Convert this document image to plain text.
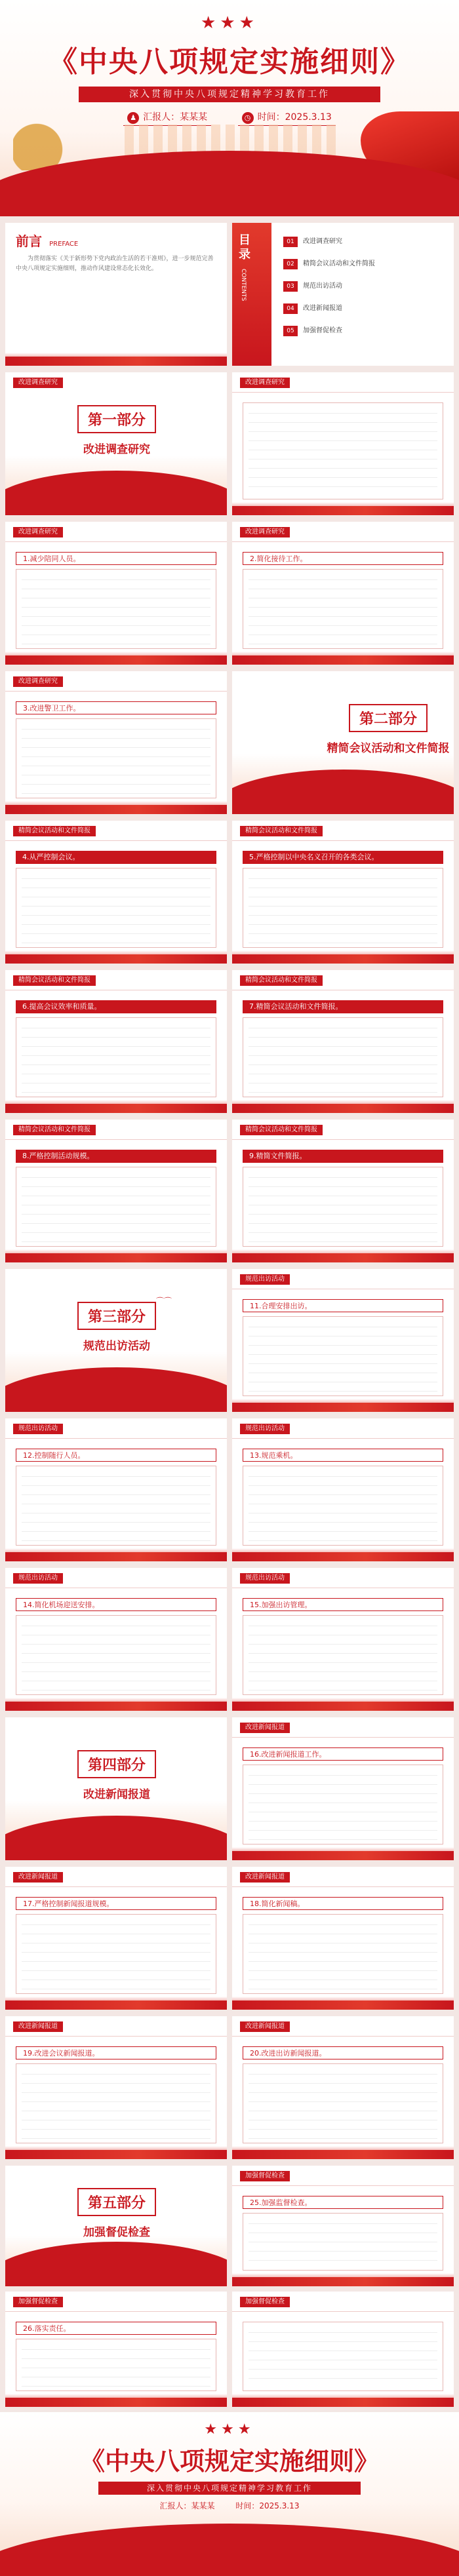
★★★
《中央八项规定实施细则》
深入贯彻中央八项规定精神学习教育工作
♟ 汇报人：某某某	◷ 时间：2025.3.13
前言 PREFACE
为贯彻落实《关于新形势下党内政治生活的若干准则》，进一步规范完善中央八项规定实施细则，推动作风建设常态化长效化。
目录
CONTENTS
01 改进调查研究
02 精简会议活动和文件简报
03 规范出访活动
04 改进新闻报道
05 加强督促检查
改进调查研究
第一部分
改进调查研究
改进调查研究
改进调查研究
1.减少陪同人员。
改进调查研究
2.简化接待工作。
改进调查研究
3.改进警卫工作。
第二部分
精简会议活动和文件简报
精简会议活动和文件简报
4.从严控制会议。
精简会议活动和文件简报
5.严格控制以中央名义召开的各类会议。
精简会议活动和文件简报
6.提高会议效率和质量。
精简会议活动和文件简报
7.精简会议活动和文件简报。
精简会议活动和文件简报
8.严格控制活动规模。
精简会议活动和文件简报
9.精简文件简报。
第三部分
规范出访活动
⌒⌒
规范出访活动
11.合理安排出访。
规范出访活动
12.控制随行人员。
规范出访活动
13.规范乘机。
规范出访活动
14.简化机场迎送安排。
规范出访活动
15.加强出访管理。
第四部分
改进新闻报道
改进新闻报道
16.改进新闻报道工作。
改进新闻报道
17.严格控制新闻报道规模。
改进新闻报道
18.简化新闻稿。
改进新闻报道
19.改进会议新闻报道。
改进新闻报道
20.改进出访新闻报道。
第五部分
加强督促检查
加强督促检查
25.加强监督检查。
加强督促检查
26.落实责任。
加强督促检查
★★★
《中央八项规定实施细则》
深入贯彻中央八项规定精神学习教育工作
汇报人：某某某	时间：2025.3.13
